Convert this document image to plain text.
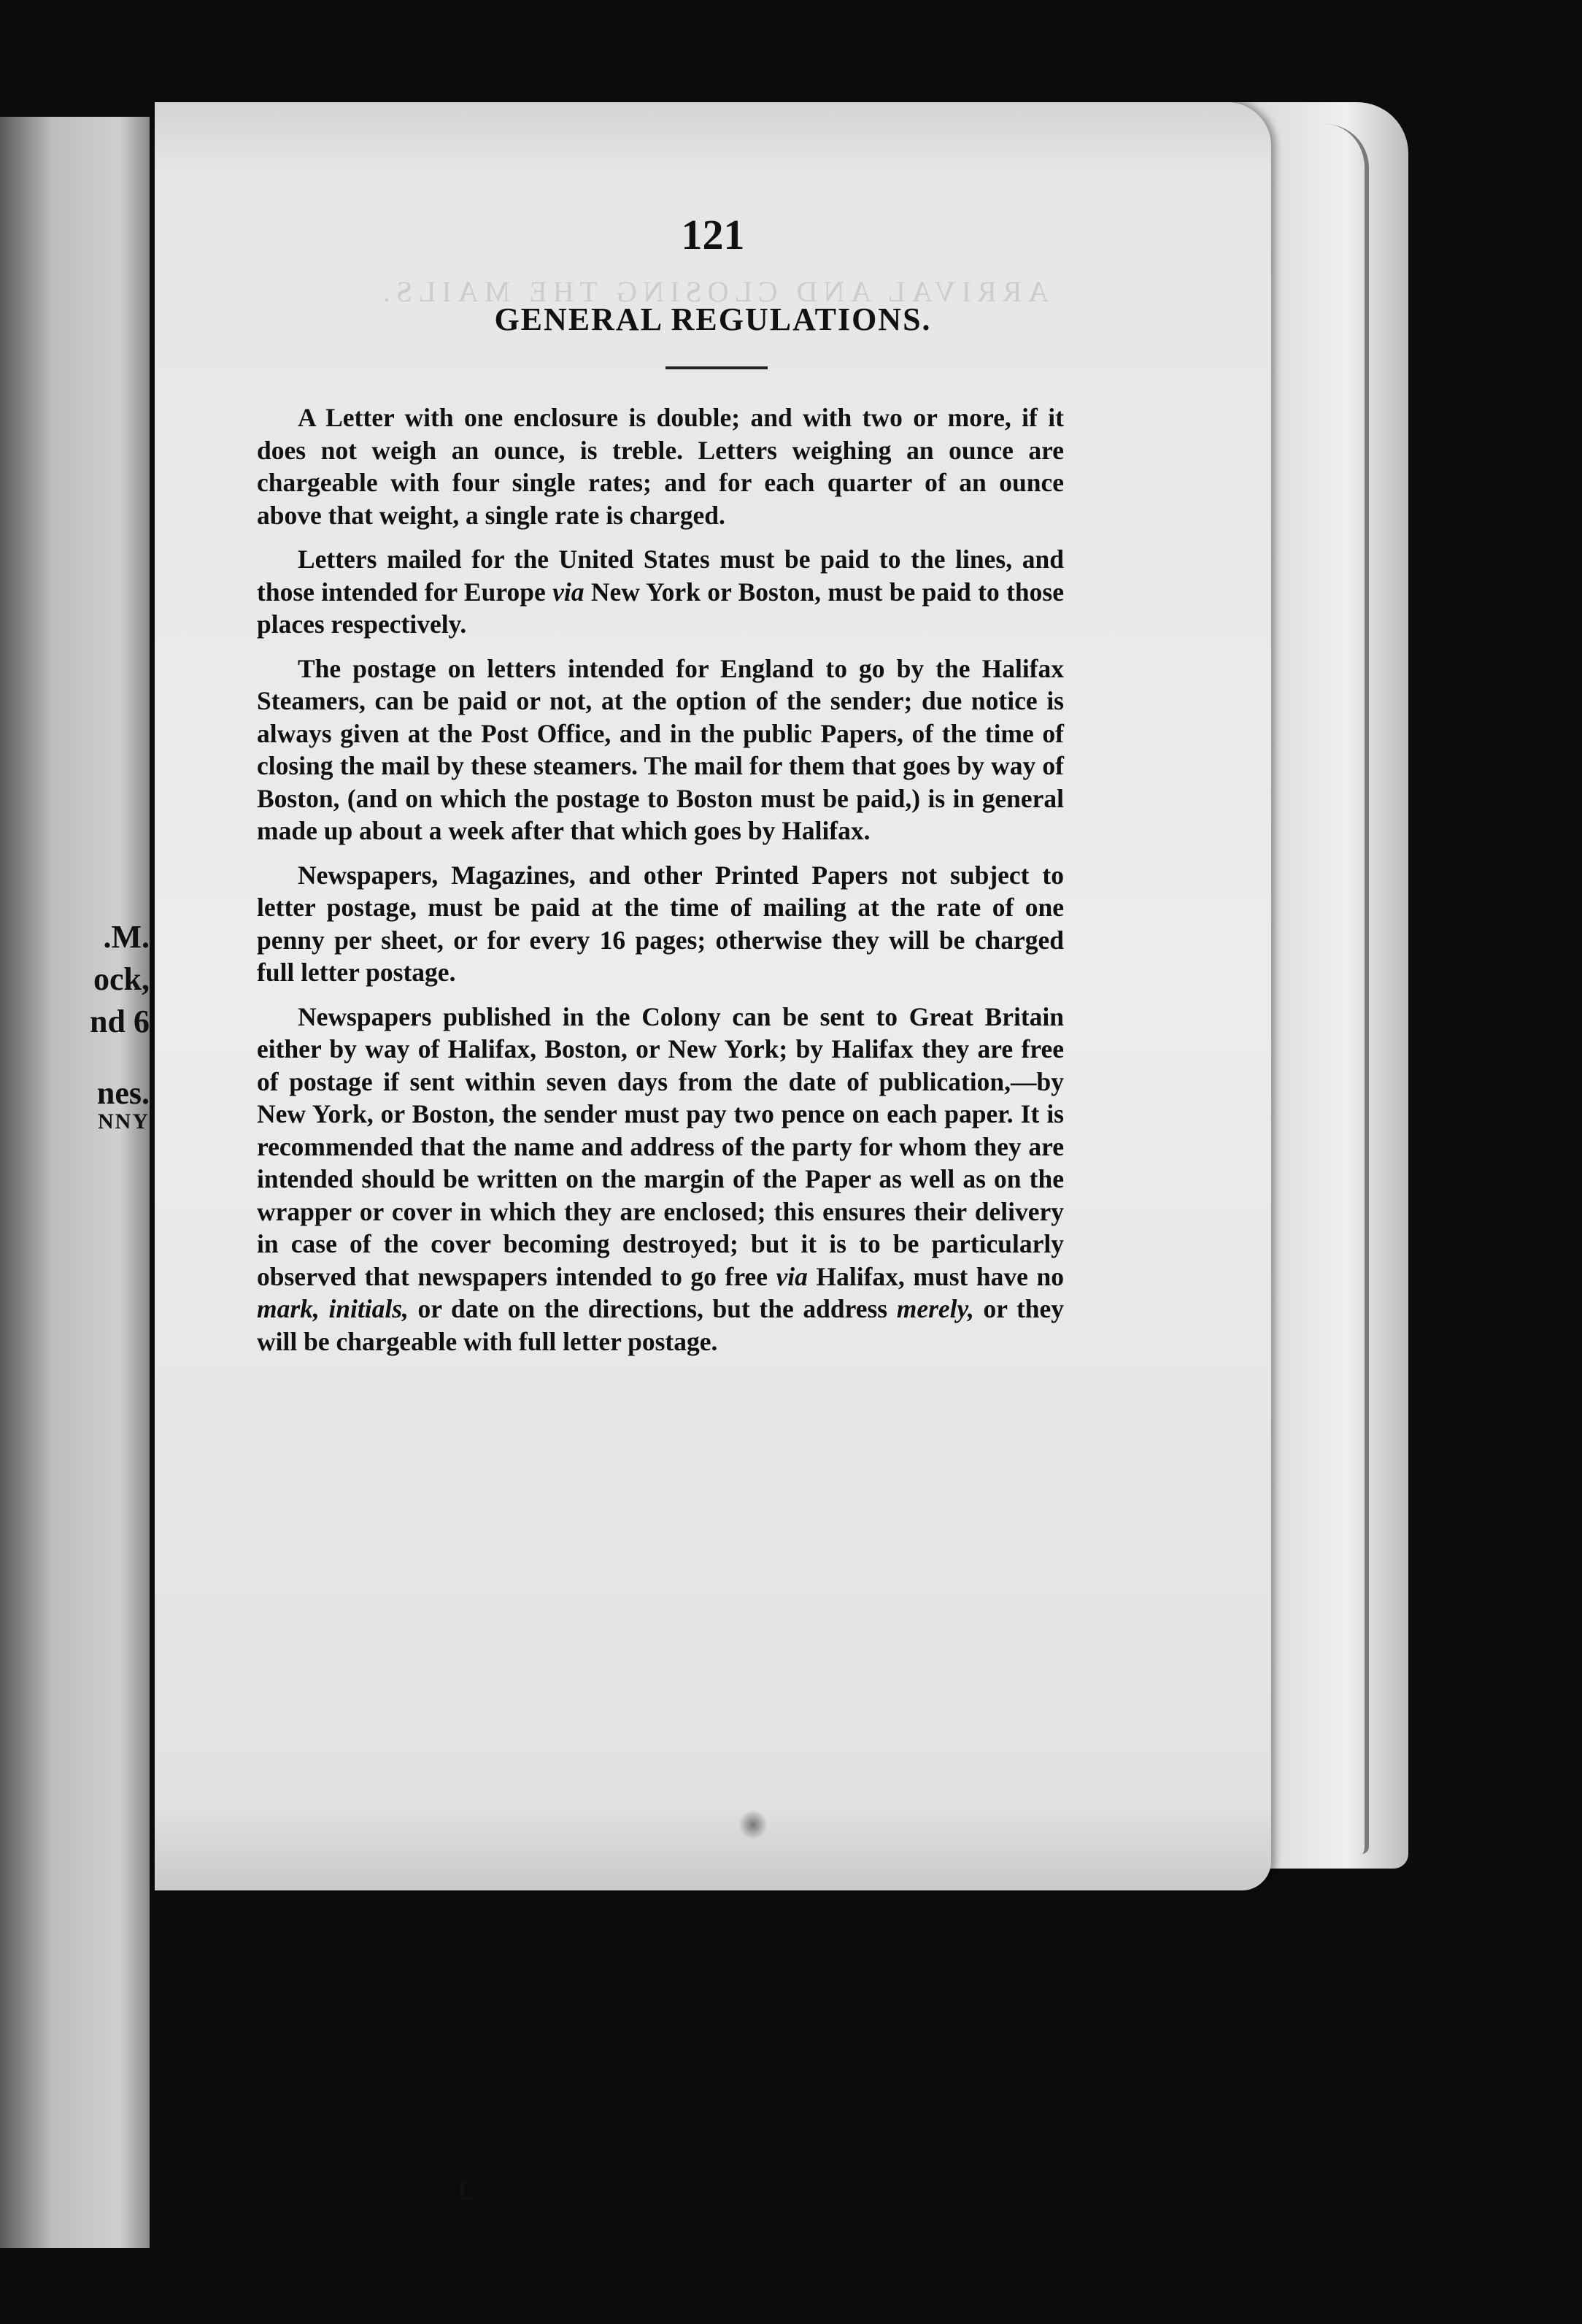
.M.
ock,
nd 6
nes.
NNY
121
ARRIVAL AND CLOSING THE MAILS.
GENERAL REGULATIONS.

A Letter with one enclosure is double; and with two or more, if it does not weigh an ounce, is treble. Letters weighing an ounce are chargeable with four single rates; and for each quarter of an ounce above that weight, a single rate is charged.

Letters mailed for the United States must be paid to the lines, and those intended for Europe via New York or Boston, must be paid to those places respectively.

The postage on letters intended for England to go by the Halifax Steamers, can be paid or not, at the option of the sender; due notice is always given at the Post Office, and in the public Papers, of the time of closing the mail by these steamers. The mail for them that goes by way of Boston, (and on which the postage to Boston must be paid,) is in general made up about a week after that which goes by Halifax.

Newspapers, Magazines, and other Printed Papers not subject to letter postage, must be paid at the time of mailing at the rate of one penny per sheet, or for every 16 pages; otherwise they will be charged full letter postage.

Newspapers published in the Colony can be sent to Great Britain either by way of Halifax, Boston, or New York; by Halifax they are free of postage if sent within seven days from the date of publication,—by New York, or Boston, the sender must pay two pence on each paper. It is recommended that the name and address of the party for whom they are intended should be written on the margin of the Paper as well as on the wrapper or cover in which they are enclosed; this ensures their delivery in case of the cover becoming destroyed; but it is to be particularly observed that newspapers intended to go free via Halifax, must have no mark, initials, or date on the directions, but the address merely, or they will be chargeable with full letter postage.

L
